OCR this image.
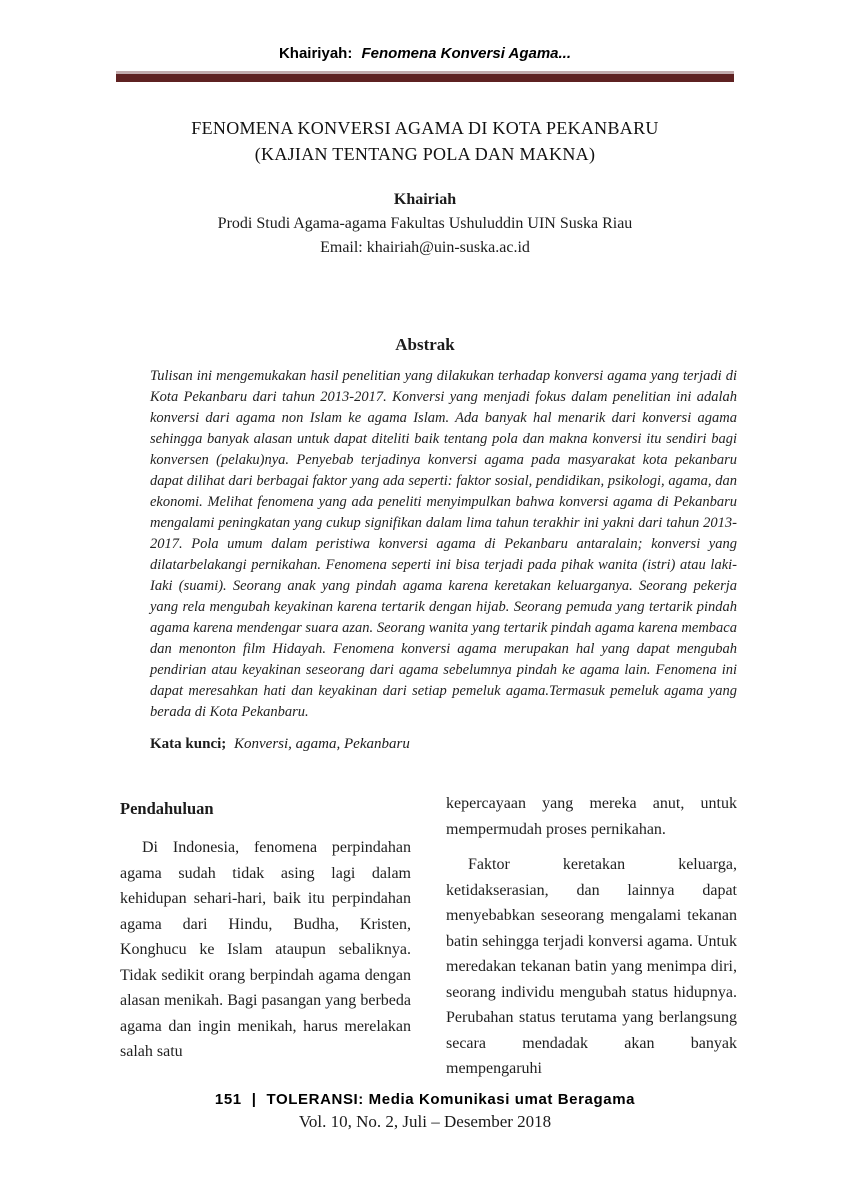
Khairiyah: Fenomena Konversi Agama...
FENOMENA KONVERSI AGAMA DI KOTA PEKANBARU
(KAJIAN TENTANG POLA DAN MAKNA)
Khairiah
Prodi Studi Agama-agama Fakultas Ushuluddin UIN Suska Riau
Email: khairiah@uin-suska.ac.id
Abstrak

Tulisan ini mengemukakan hasil penelitian yang dilakukan terhadap konversi agama yang terjadi di Kota Pekanbaru dari tahun 2013-2017. Konversi yang menjadi fokus dalam penelitian ini adalah konversi dari agama non Islam ke agama Islam. Ada banyak hal menarik dari konversi agama sehingga banyak alasan untuk dapat diteliti baik tentang pola dan makna konversi itu sendiri bagi konversen (pelaku)nya. Penyebab terjadinya konversi agama pada masyarakat kota pekanbaru dapat dilihat dari berbagai faktor yang ada seperti: faktor sosial, pendidikan, psikologi, agama, dan ekonomi. Melihat fenomena yang ada peneliti menyimpulkan bahwa konversi agama di Pekanbaru mengalami peningkatan yang cukup signifikan dalam lima tahun terakhir ini yakni dari tahun 2013-2017. Pola umum dalam peristiwa konversi agama di Pekanbaru antaralain; konversi yang dilatarbelakangi pernikahan. Fenomena seperti ini bisa terjadi pada pihak wanita (istri) atau laki-Iaki (suami). Seorang anak yang pindah agama karena keretakan keluarganya. Seorang pekerja yang rela mengubah keyakinan karena tertarik dengan hijab. Seorang pemuda yang tertarik pindah agama karena mendengar suara azan. Seorang wanita yang tertarik pindah agama karena membaca dan menonton film Hidayah. Fenomena konversi agama merupakan hal yang dapat mengubah pendirian atau keyakinan seseorang dari agama sebelumnya pindah ke agama lain. Fenomena ini dapat meresahkan hati dan keyakinan dari setiap pemeluk agama.Termasuk pemeluk agama yang berada di Kota Pekanbaru.

Kata kunci; Konversi, agama, Pekanbaru
Pendahuluan

Di Indonesia, fenomena perpindahan agama sudah tidak asing lagi dalam kehidupan sehari-hari, baik itu perpindahan agama dari Hindu, Budha, Kristen, Konghucu ke Islam ataupun sebaliknya. Tidak sedikit orang berpindah agama dengan alasan menikah. Bagi pasangan yang berbeda agama dan ingin menikah, harus merelakan salah satu

kepercayaan yang mereka anut, untuk mempermudah proses pernikahan.

Faktor keretakan keluarga, ketidakserasian, dan lainnya dapat menyebabkan seseorang mengalami tekanan batin sehingga terjadi konversi agama. Untuk meredakan tekanan batin yang menimpa diri, seorang individu mengubah status hidupnya. Perubahan status terutama yang berlangsung secara mendadak akan banyak mempengaruhi

151 | TOLERANSI: Media Komunikasi umat Beragama
Vol. 10, No. 2, Juli – Desember 2018
